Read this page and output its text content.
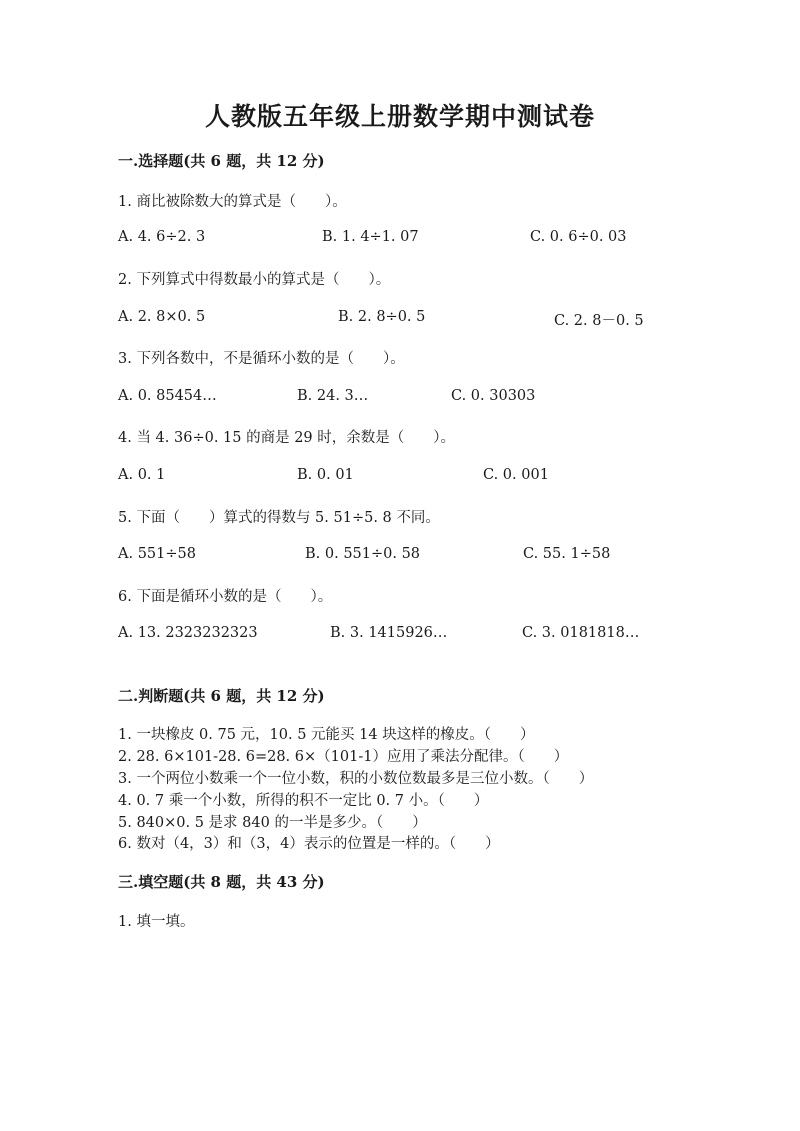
人教版五年级上册数学期中测试卷
一.选择题(共 6 题，共 12 分)
1. 商比被除数大的算式是（　　）。
A. 4. 6÷2. 3	B. 1. 4÷1. 07	C. 0. 6÷0. 03
2. 下列算式中得数最小的算式是（　　）。
A. 2. 8×0. 5	B. 2. 8÷0. 5	C. 2. 8－0. 5
3. 下列各数中，不是循环小数的是（　　）。
A. 0. 85454…	B. 24. 3…	C. 0. 30303
4. 当 4. 36÷0. 15 的商是 29 时，余数是（　　）。
A. 0. 1	B. 0. 01	C. 0. 001
5. 下面（　　）算式的得数与 5. 51÷5. 8 不同。
A. 551÷58	B. 0. 551÷0. 58	C. 55. 1÷58
6. 下面是循环小数的是（　　）。
A. 13. 2323232323	B. 3. 1415926…	C. 3. 0181818…
二.判断题(共 6 题，共 12 分)
1. 一块橡皮 0. 75 元，10. 5 元能买 14 块这样的橡皮。（　　）
2. 28. 6×101-28. 6=28. 6×（101-1）应用了乘法分配律。（　　）
3. 一个两位小数乘一个一位小数，积的小数位数最多是三位小数。（　　）
4. 0. 7 乘一个小数，所得的积不一定比 0. 7 小。（　　）
5. 840×0. 5 是求 840 的一半是多少。（　　）
6. 数对（4，3）和（3，4）表示的位置是一样的。（　　）
三.填空题(共 8 题，共 43 分)
1. 填一填。
